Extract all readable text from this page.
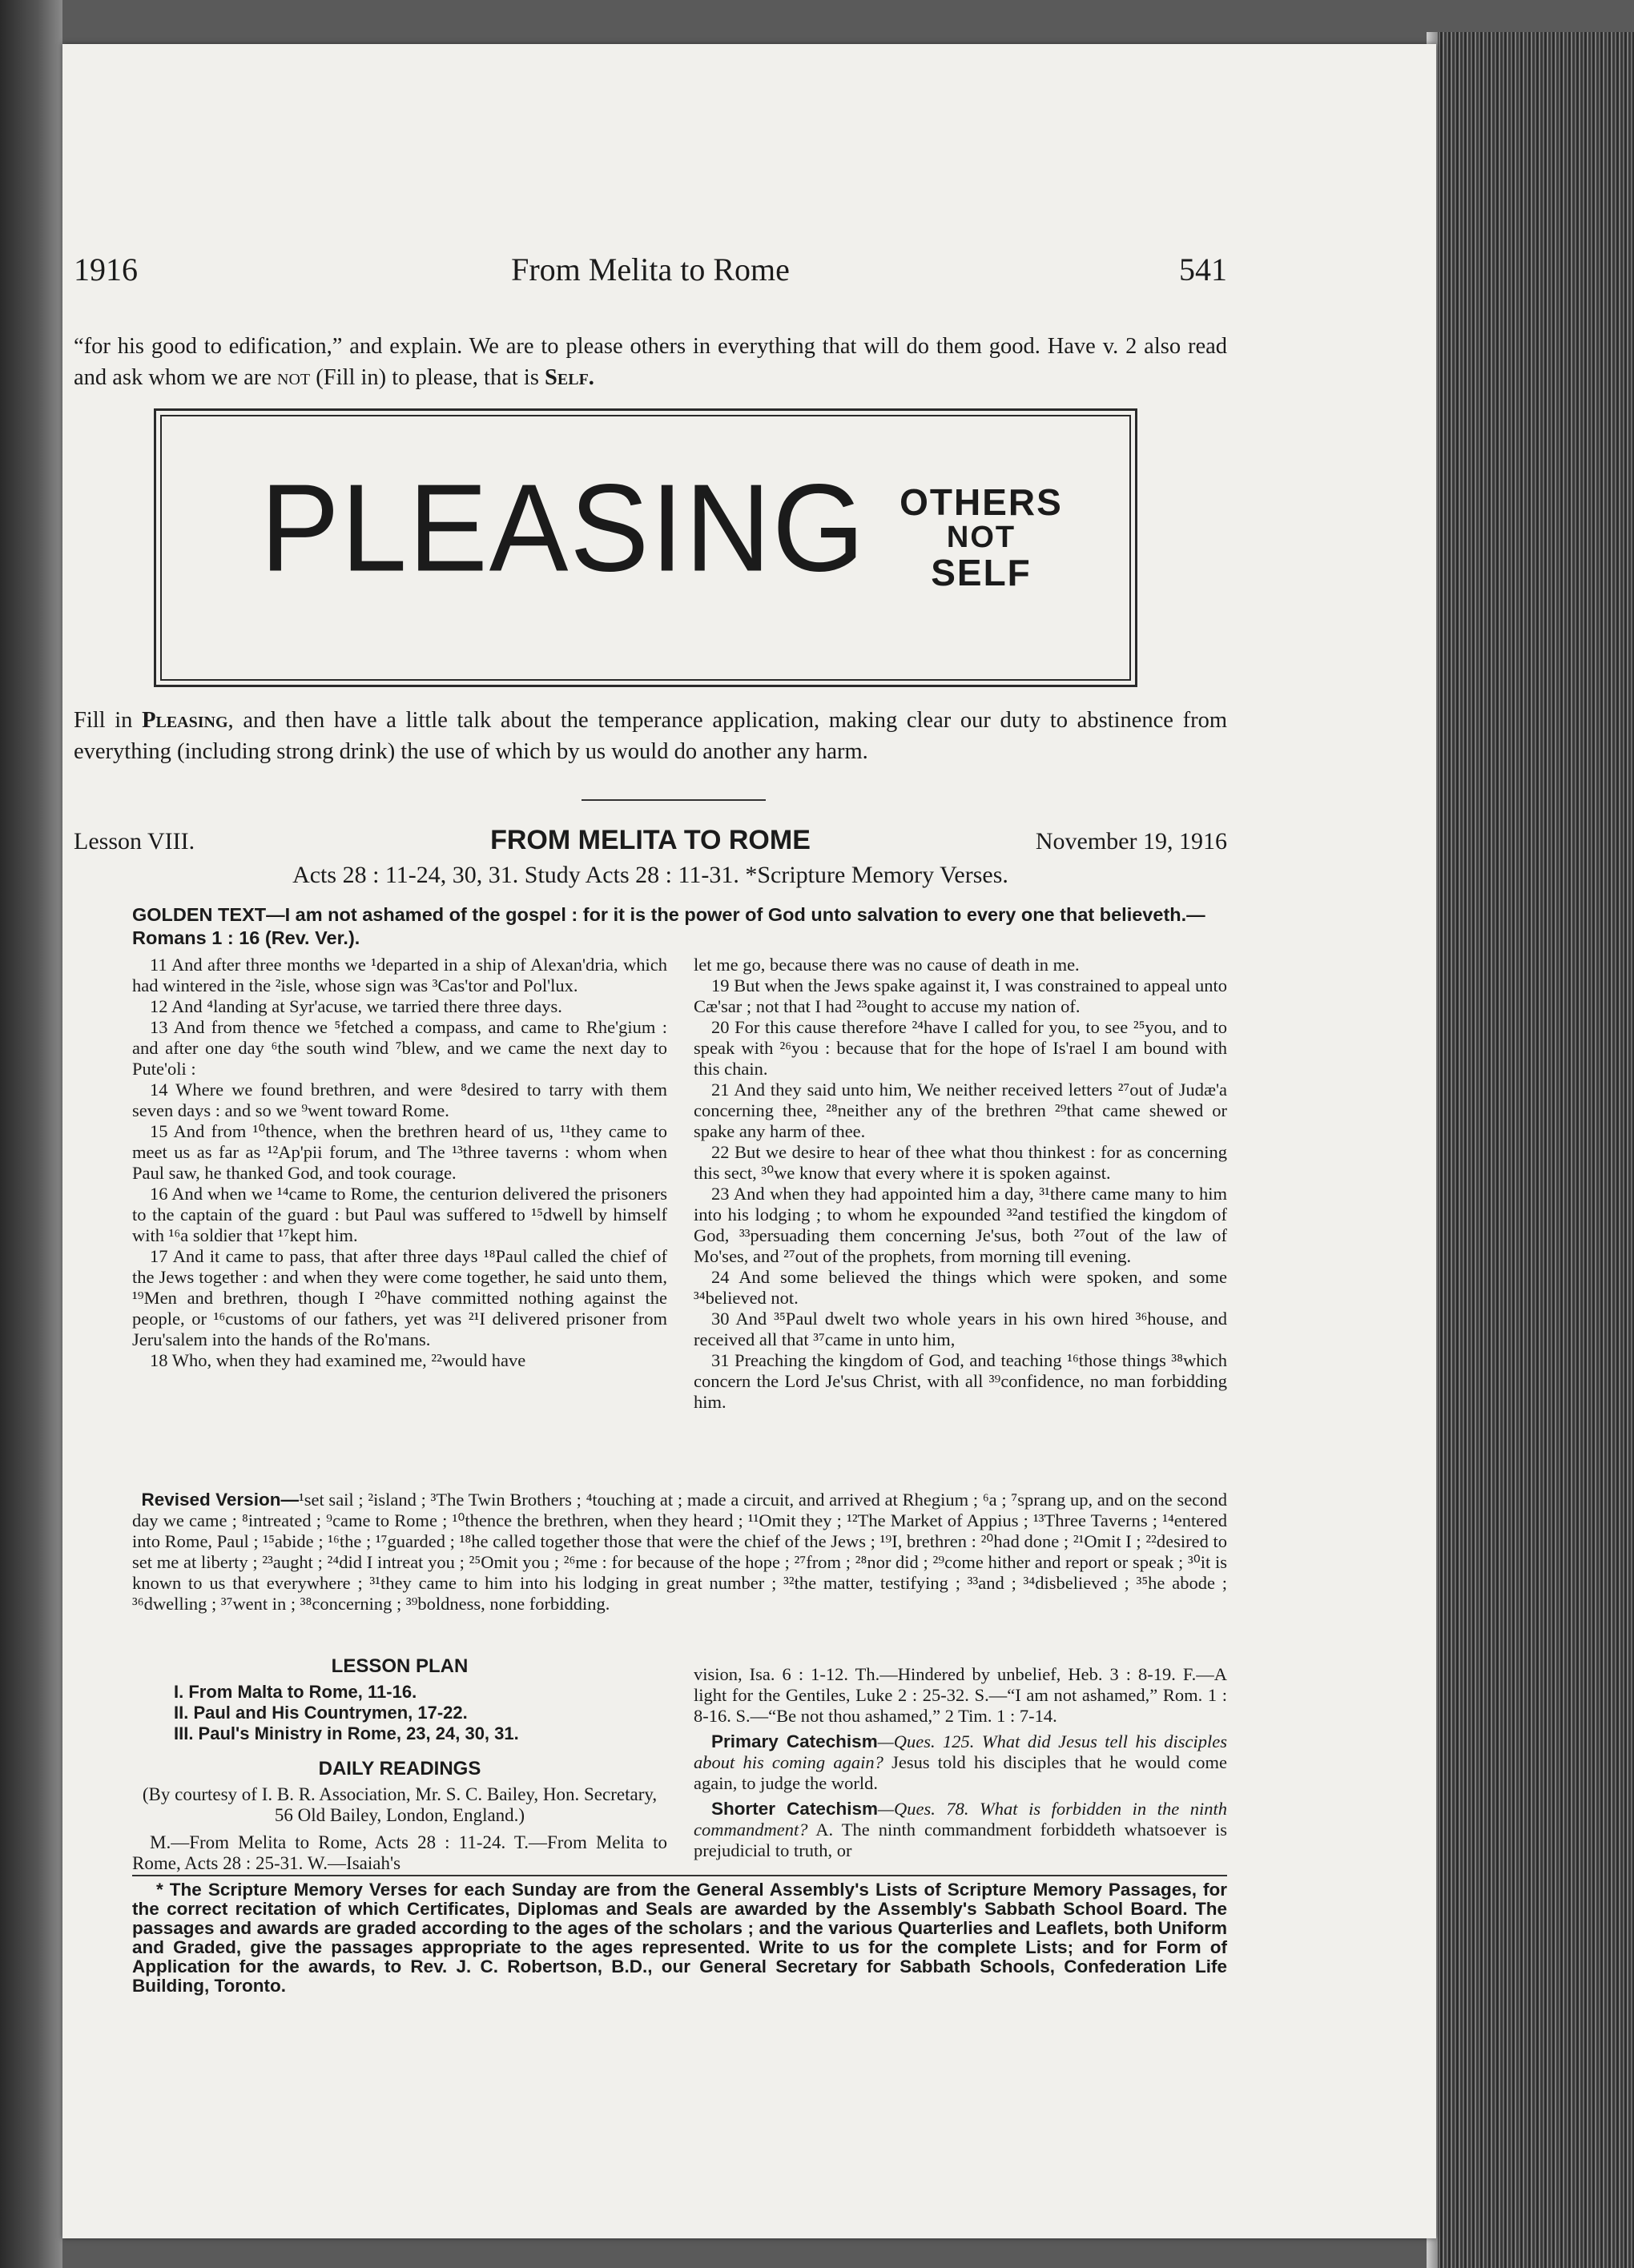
1916	From Melita to Rome	541
“for his good to edification,” and explain. We are to please others in everything that will do them good. Have v. 2 also read and ask whom we are not (Fill in) to please, that is Self.
PLEASING OTHERS
NOT
SELF
Fill in Pleasing, and then have a little talk about the temperance application, making clear our duty to abstinence from everything (including strong drink) the use of which by us would do another any harm.
Lesson VIII.	FROM MELITA TO ROME	November 19, 1916
Acts 28 : 11-24, 30, 31. Study Acts 28 : 11-31. *Scripture Memory Verses.
GOLDEN TEXT—I am not ashamed of the gospel : for it is the power of God unto salvation to every one that believeth.—Romans 1 : 16 (Rev. Ver.).

11 And after three months we ¹departed in a ship of Alexan'dria, which had wintered in the ²isle, whose sign was ³Cas'tor and Pol'lux.

12 And ⁴landing at Syr'acuse, we tarried there three days.

13 And from thence we ⁵fetched a compass, and came to Rhe'gium : and after one day ⁶the south wind ⁷blew, and we came the next day to Pute'oli :

14 Where we found brethren, and were ⁸desired to tarry with them seven days : and so we ⁹went toward Rome.

15 And from ¹⁰thence, when the brethren heard of us, ¹¹they came to meet us as far as ¹²Ap'pii forum, and The ¹³three taverns : whom when Paul saw, he thanked God, and took courage.

16 And when we ¹⁴came to Rome, the centurion delivered the prisoners to the captain of the guard : but Paul was suffered to ¹⁵dwell by himself with ¹⁶a soldier that ¹⁷kept him.

17 And it came to pass, that after three days ¹⁸Paul called the chief of the Jews together : and when they were come together, he said unto them, ¹⁹Men and brethren, though I ²⁰have committed nothing against the people, or ¹⁶customs of our fathers, yet was ²¹I delivered prisoner from Jeru'salem into the hands of the Ro'mans.

18 Who, when they had examined me, ²²would have

let me go, because there was no cause of death in me.

19 But when the Jews spake against it, I was constrained to appeal unto Cæ'sar ; not that I had ²³ought to accuse my nation of.

20 For this cause therefore ²⁴have I called for you, to see ²⁵you, and to speak with ²⁶you : because that for the hope of Is'rael I am bound with this chain.

21 And they said unto him, We neither received letters ²⁷out of Judæ'a concerning thee, ²⁸neither any of the brethren ²⁹that came shewed or spake any harm of thee.

22 But we desire to hear of thee what thou thinkest : for as concerning this sect, ³⁰we know that every where it is spoken against.

23 And when they had appointed him a day, ³¹there came many to him into his lodging ; to whom he expounded ³²and testified the kingdom of God, ³³persuading them concerning Je'sus, both ²⁷out of the law of Mo'ses, and ²⁷out of the prophets, from morning till evening.

24 And some believed the things which were spoken, and some ³⁴believed not.

30 And ³⁵Paul dwelt two whole years in his own hired ³⁶house, and received all that ³⁷came in unto him,

31 Preaching the kingdom of God, and teaching ¹⁶those things ³⁸which concern the Lord Je'sus Christ, with all ³⁹confidence, no man forbidding him.

Revised Version—¹set sail ; ²island ; ³The Twin Brothers ; ⁴touching at ; made a circuit, and arrived at Rhegium ; ⁶a ; ⁷sprang up, and on the second day we came ; ⁸intreated ; ⁹came to Rome ; ¹⁰thence the brethren, when they heard ; ¹¹Omit they ; ¹²The Market of Appius ; ¹³Three Taverns ; ¹⁴entered into Rome, Paul ; ¹⁵abide ; ¹⁶the ; ¹⁷guarded ; ¹⁸he called together those that were the chief of the Jews ; ¹⁹I, brethren : ²⁰had done ; ²¹Omit I ; ²²desired to set me at liberty ; ²³aught ; ²⁴did I intreat you ; ²⁵Omit you ; ²⁶me : for because of the hope ; ²⁷from ; ²⁸nor did ; ²⁹come hither and report or speak ; ³⁰it is known to us that everywhere ; ³¹they came to him into his lodging in great number ; ³²the matter, testifying ; ³³and ; ³⁴disbelieved ; ³⁵he abode ; ³⁶dwelling ; ³⁷went in ; ³⁸concerning ; ³⁹boldness, none forbidding.
LESSON PLAN
I. From Malta to Rome, 11-16.
II. Paul and His Countrymen, 17-22.
III. Paul's Ministry in Rome, 23, 24, 30, 31.
DAILY READINGS
(By courtesy of I. B. R. Association, Mr. S. C. Bailey, Hon. Secretary, 56 Old Bailey, London, England.)
M.—From Melita to Rome, Acts 28 : 11-24. T.—From Melita to Rome, Acts 28 : 25-31. W.—Isaiah's

vision, Isa. 6 : 1-12. Th.—Hindered by unbelief, Heb. 3 : 8-19. F.—A light for the Gentiles, Luke 2 : 25-32. S.—“I am not ashamed,” Rom. 1 : 8-16. S.—“Be not thou ashamed,” 2 Tim. 1 : 7-14.

Primary Catechism—Ques. 125. What did Jesus tell his disciples about his coming again? Jesus told his disciples that he would come again, to judge the world.

Shorter Catechism—Ques. 78. What is forbidden in the ninth commandment? A. The ninth commandment forbiddeth whatsoever is prejudicial to truth, or

* The Scripture Memory Verses for each Sunday are from the General Assembly's Lists of Scripture Memory Passages, for the correct recitation of which Certificates, Diplomas and Seals are awarded by the Assembly's Sabbath School Board. The passages and awards are graded according to the ages of the scholars ; and the various Quarterlies and Leaflets, both Uniform and Graded, give the passages appropriate to the ages represented. Write to us for the complete Lists; and for Form of Application for the awards, to Rev. J. C. Robertson, B.D., our General Secretary for Sabbath Schools, Confederation Life Building, Toronto.
